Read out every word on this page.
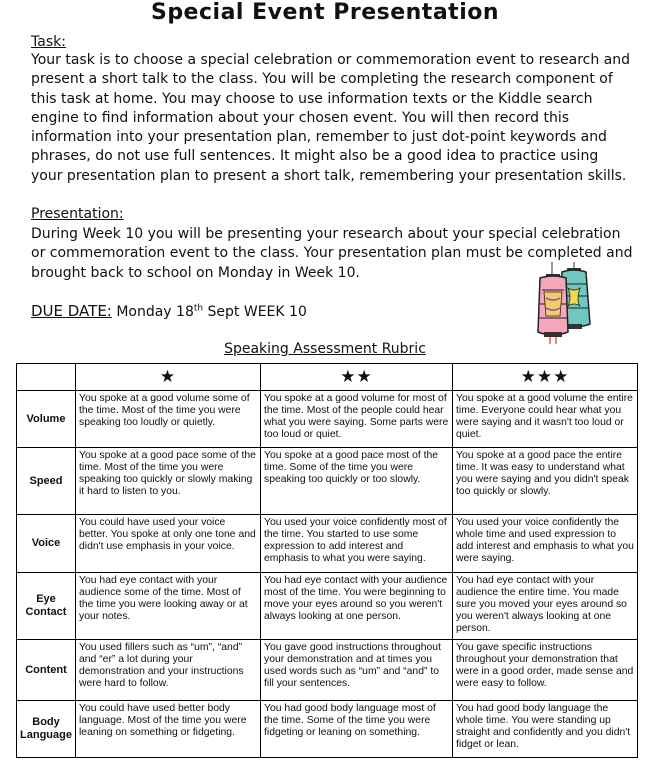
Special Event Presentation
Task:
Your task is to choose a special celebration or commemoration event to research and present a short talk to the class. You will be completing the research component of this task at home. You may choose to use information texts or the Kiddle search engine to find information about your chosen event. You will then record this information into your presentation plan, remember to just dot-point keywords and phrases, do not use full sentences. It might also be a good idea to practice using your presentation plan to present a short talk, remembering your presentation skills.
Presentation:
During Week 10 you will be presenting your research about your special celebration or commemoration event to the class. Your presentation plan must be completed and brought back to school on Monday in Week 10.
DUE DATE: Monday 18th Sept WEEK 10
Speaking Assessment Rubric
	★	★★	★★★
Volume	You spoke at a good volume some of the time. Most of the time you were speaking too loudly or quietly.	You spoke at a good volume for most of the time. Most of the people could hear what you were saying. Some parts were too loud or quiet.	You spoke at a good volume the entire time. Everyone could hear what you were saying and it wasn't too loud or quiet.
Speed	You spoke at a good pace some of the time. Most of the time you were speaking too quickly or slowly making it hard to listen to you.	You spoke at a good pace most of the time. Some of the time you were speaking too quickly or too slowly.	You spoke at a good pace the entire time. It was easy to understand what you were saying and you didn't speak too quickly or slowly.
Voice	You could have used your voice better. You spoke at only one tone and didn't use emphasis in your voice.	You used your voice confidently most of the time. You started to use some expression to add interest and emphasis to what you were saying.	You used your voice confidently the whole time and used expression to add interest and emphasis to what you were saying.
Eye Contact	You had eye contact with your audience some of the time. Most of the time you were looking away or at your notes.	You had eye contact with your audience most of the time. You were beginning to move your eyes around so you weren't always looking at one person.	You had eye contact with your audience the entire time. You made sure you moved your eyes around so you weren't always looking at one person.
Content	You used fillers such as “um”, “and” and “er” a lot during your demonstration and your instructions were hard to follow.	You gave good instructions throughout your demonstration and at times you used words such as “um” and “and” to fill your sentences.	You gave specific instructions throughout your demonstration that were in a good order, made sense and were easy to follow.
Body Language	You could have used better body language. Most of the time you were leaning on something or fidgeting.	You had good body language most of the time. Some of the time you were fidgeting or leaning on something.	You had good body language the whole time. You were standing up straight and confidently and you didn't fidget or lean.
